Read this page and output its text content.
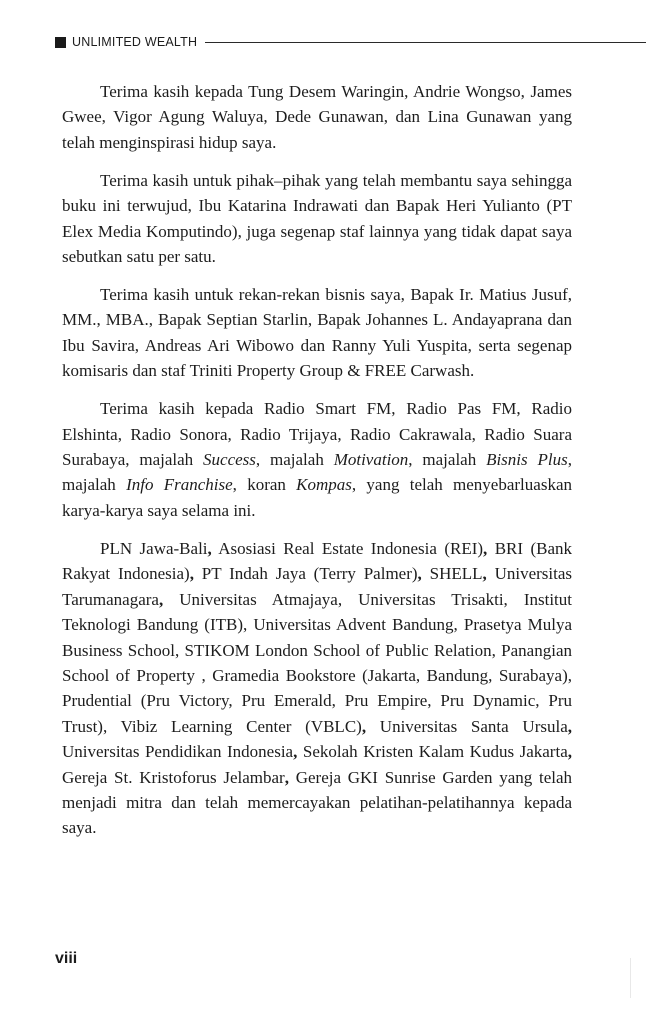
UNLIMITED WEALTH

Terima kasih kepada Tung Desem Waringin, Andrie Wongso, James Gwee, Vigor Agung Waluya, Dede Gunawan, dan Lina Gunawan yang telah menginspirasi hidup saya.

Terima kasih untuk pihak–pihak yang telah membantu saya sehingga buku ini terwujud, Ibu Katarina Indrawati dan Bapak Heri Yulianto (PT Elex Media Komputindo), juga segenap staf lainnya yang tidak dapat saya sebutkan satu per satu.

Terima kasih untuk rekan-rekan bisnis saya, Bapak Ir. Matius Jusuf, MM., MBA., Bapak Septian Starlin, Bapak Johannes L. Andayaprana dan Ibu Savira, Andreas Ari Wibowo dan Ranny Yuli Yuspita, serta segenap komisaris dan staf Triniti Property Group & FREE Carwash.

Terima kasih kepada Radio Smart FM, Radio Pas FM, Radio Elshinta, Radio Sonora, Radio Trijaya, Radio Cakrawala, Radio Suara Surabaya, majalah Success, majalah Motivation, majalah Bisnis Plus, majalah Info Franchise, koran Kompas, yang telah menyebarluaskan karya-karya saya selama ini.

PLN Jawa-Bali, Asosiasi Real Estate Indonesia (REI), BRI (Bank Rakyat Indonesia), PT Indah Jaya (Terry Palmer), SHELL, Universitas Tarumanagara, Universitas Atmajaya, Universitas Trisakti, Institut Teknologi Bandung (ITB), Universitas Advent Bandung, Prasetya Mulya Business School, STIKOM London School of Public Relation, Panangian School of Property , Gramedia Bookstore (Jakarta, Bandung, Surabaya), Prudential (Pru Victory, Pru Emerald, Pru Empire, Pru Dynamic, Pru Trust), Vibiz Learning Center (VBLC), Universitas Santa Ursula, Universitas Pendidikan Indonesia, Sekolah Kristen Kalam Kudus Jakarta, Gereja St. Kristoforus Jelambar, Gereja GKI Sunrise Garden yang telah menjadi mitra dan telah memercayakan pelatihan-pelatihannya kepada saya.

viii
